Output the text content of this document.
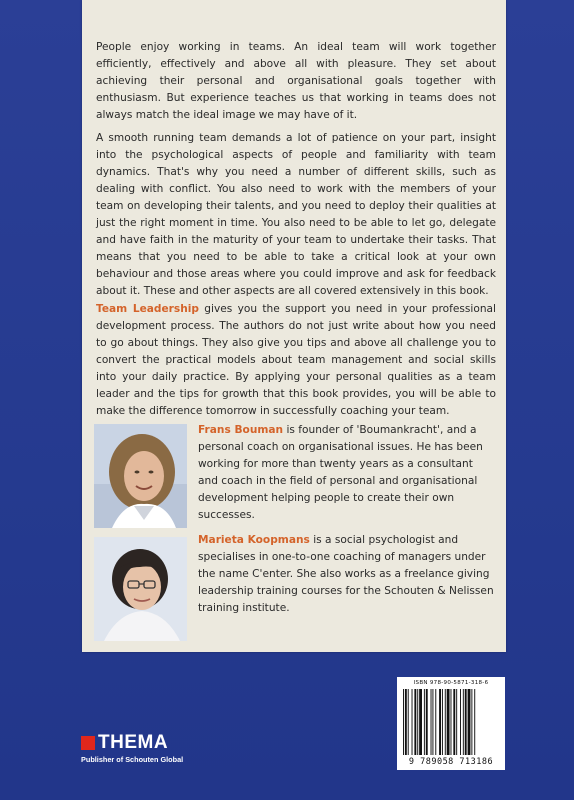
People enjoy working in teams. An ideal team will work together efficiently, effectively and above all with pleasure. They set about achieving their personal and organisational goals together with enthusiasm. But experience teaches us that working in teams does not always match the ideal image we may have of it.

A smooth running team demands a lot of patience on your part, insight into the psychological aspects of people and familiarity with team dynamics. That's why you need a number of different skills, such as dealing with conflict. You also need to work with the members of your team on developing their talents, and you need to deploy their qualities at just the right moment in time. You also need to be able to let go, delegate and have faith in the maturity of your team to undertake their tasks. That means that you need to be able to take a critical look at your own behaviour and those areas where you could improve and ask for feedback about it. These and other aspects are all covered extensively in this book.

Team Leadership gives you the support you need in your professional development process. The authors do not just write about how you need to go about things. They also give you tips and above all challenge you to convert the practical models about team management and social skills into your daily practice. By applying your personal qualities as a team leader and the tips for growth that this book provides, you will be able to make the difference tomorrow in successfully coaching your team.

Frans Bouman is founder of 'Boumankracht', and a personal coach on organisational issues. He has been working for more than twenty years as a consultant and coach in the field of personal and organisational development helping people to create their own successes.
Marieta Koopmans is a social psychologist and specialises in one-to-one coaching of managers under the name C'enter. She also works as a freelance giving leadership training courses for the Schouten & Nelissen training institute.
ISBN 978-90-5871-318-6
9 789058 713186
THEMA
Publisher of Schouten Global
